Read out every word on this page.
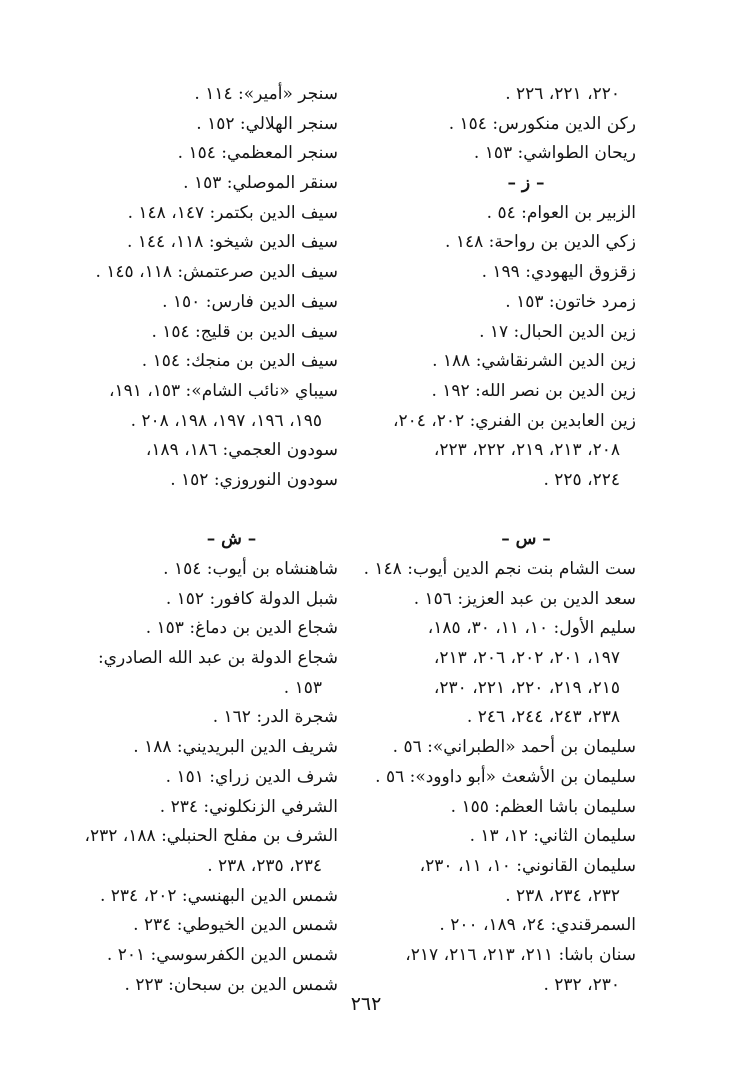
٢٢٠، ٢٢١، ٢٢٦ .
ركن الدين منكورس: ١٥٤ .
ريحان الطواشي: ١٥٣ .
– ز –
الزبير بن العوام: ٥٤ .
زكي الدين بن رواحة: ١٤٨ .
زقزوق اليهودي: ١٩٩ .
زمرد خاتون: ١٥٣ .
زين الدين الحبال: ١٧ .
زين الدين الشرنقاشي: ١٨٨ .
زين الدين بن نصر الله: ١٩٢ .
زين العابدين بن الفنري: ٢٠٢، ٢٠٤،
٢٠٨، ٢١٣، ٢١٩، ٢٢٢، ٢٢٣،
٢٢٤، ٢٢٥ .
– س –
ست الشام بنت نجم الدين أيوب: ١٤٨ .
سعد الدين بن عبد العزيز: ١٥٦ .
سليم الأول: ١٠، ١١، ٣٠، ١٨٥،
١٩٧، ٢٠١، ٢٠٢، ٢٠٦، ٢١٣،
٢١٥، ٢١٩، ٢٢٠، ٢٢١، ٢٣٠،
٢٣٨، ٢٤٣، ٢٤٤، ٢٤٦ .
سليمان بن أحمد «الطبراني»: ٥٦ .
سليمان بن الأشعث «أبو داوود»: ٥٦ .
سليمان باشا العظم: ١٥٥ .
سليمان الثاني: ١٢، ١٣ .
سليمان القانوني: ١٠، ١١، ٢٣٠،
٢٣٢، ٢٣٤، ٢٣٨ .
السمرقندي: ٢٤، ١٨٩، ٢٠٠ .
سنان باشا: ٢١١، ٢١٣، ٢١٦، ٢١٧،
٢٣٠، ٢٣٢ .
سنجر «أمير»: ١١٤ .
سنجر الهلالي: ١٥٢ .
سنجر المعظمي: ١٥٤ .
سنقر الموصلي: ١٥٣ .
سيف الدين بكتمر: ١٤٧، ١٤٨ .
سيف الدين شيخو: ١١٨، ١٤٤ .
سيف الدين صرعتمش: ١١٨، ١٤٥ .
سيف الدين فارس: ١٥٠ .
سيف الدين بن قليج: ١٥٤ .
سيف الدين بن منجك: ١٥٤ .
سيباي «نائب الشام»: ١٥٣، ١٩١،
١٩٥، ١٩٦، ١٩٧، ١٩٨، ٢٠٨ .
سودون العجمي: ١٨٦، ١٨٩،
سودون النوروزي: ١٥٢ .
– ش –
شاهنشاه بن أيوب: ١٥٤ .
شبل الدولة كافور: ١٥٢ .
شجاع الدين بن دماغ: ١٥٣ .
شجاع الدولة بن عبد الله الصادري:
١٥٣ .
شجرة الدر: ١٦٢ .
شريف الدين البريديني: ١٨٨ .
شرف الدين زراي: ١٥١ .
الشرفي الزنكلوني: ٢٣٤ .
الشرف بن مفلح الحنبلي: ١٨٨، ٢٣٢،
٢٣٤، ٢٣٥، ٢٣٨ .
شمس الدين البهنسي: ٢٠٢، ٢٣٤ .
شمس الدين الخيوطي: ٢٣٤ .
شمس الدين الكفرسوسي: ٢٠١ .
شمس الدين بن سبحان: ٢٢٣ .
٢٦٢
